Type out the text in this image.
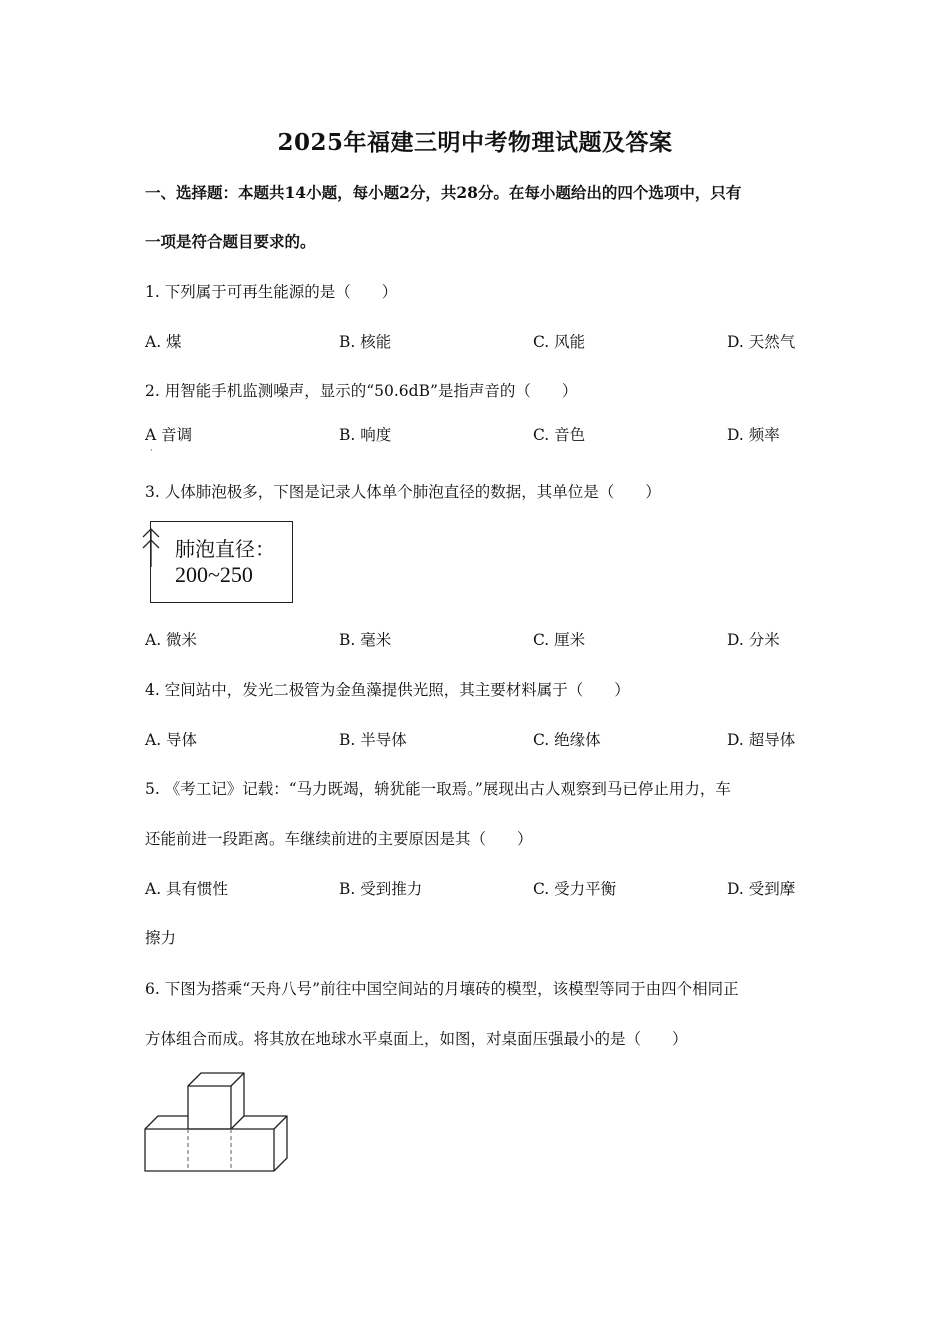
2025年福建三明中考物理试题及答案
一、选择题：本题共14小题，每小题2分，共28分。在每小题给出的四个选项中，只有
一项是符合题目要求的。
1. 下列属于可再生能源的是（　　）
A. 煤	B. 核能	C. 风能	D. 天然气
2. 用智能手机监测噪声，显示的“50.6dB”是指声音的（　　）
A 音调	B. 响度	C. 音色	D. 频率
·
3. 人体肺泡极多，下图是记录人体单个肺泡直径的数据，其单位是（　　）
肺泡直径：
200~250
A. 微米	B. 毫米	C. 厘米	D. 分米
4. 空间站中，发光二极管为金鱼藻提供光照，其主要材料属于（　　）
A. 导体	B. 半导体	C. 绝缘体	D. 超导体
5. 《考工记》记载：“马力既竭，辀犹能一取焉。”展现出古人观察到马已停止用力，车
还能前进一段距离。车继续前进的主要原因是其（　　）
A. 具有惯性	B. 受到推力	C. 受力平衡	D. 受到摩
擦力
6. 下图为搭乘“天舟八号”前往中国空间站的月壤砖的模型，该模型等同于由四个相同正
方体组合而成。将其放在地球水平桌面上，如图，对桌面压强最小的是（　　）
